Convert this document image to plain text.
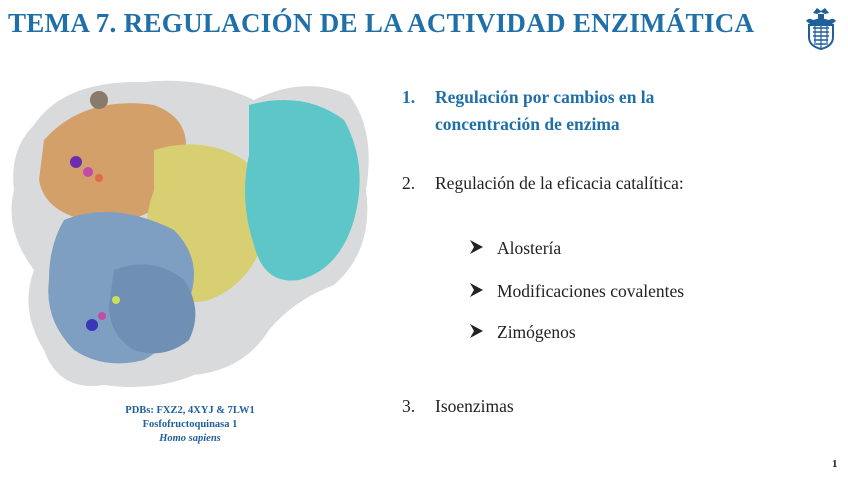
TEMA 7. REGULACIÓN DE LA ACTIVIDAD ENZIMÁTICA
PDBs: FXZ2, 4XYJ & 7LW1
Fosfofructoquinasa 1
Homo sapiens
1. Regulación por cambios en la
concentración de enzima
2. Regulación de la eficacia catalítica:
Alostería
Modificaciones covalentes
Zimógenos
3. Isoenzimas
1
